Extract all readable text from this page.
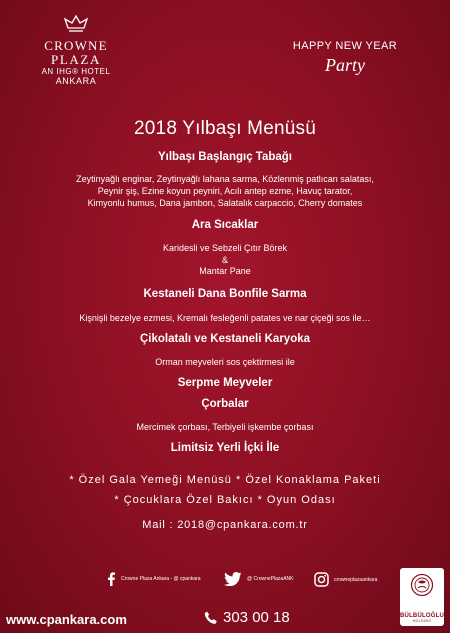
CROWNE
PLAZA
AN IHG® HOTEL
ANKARA
HAPPY NEW YEAR
Party
2018 Yılbaşı Menüsü
Yılbaşı Başlangıç Tabağı
Zeytinyağlı enginar, Zeytinyağlı lahana sarma, Közlenmiş patlıcan salatası,
Peynir şiş, Ezine koyun peyniri, Acılı antep ezme, Havuç tarator,
Kimyonlu humus, Dana jambon, Salatalık carpaccio, Cherry domates
Ara Sıcaklar
Karidesli ve Sebzeli Çıtır Börek
&
Mantar Pane
Kestaneli Dana Bonfile Sarma
Kişnişli bezelye ezmesi, Kremalı fesleğenli patates ve nar çiçeği sos ile…
Çikolatalı ve Kestaneli Karyoka
Orman meyveleri sos çektirmesi ile
Serpme Meyveler
Çorbalar
Mercimek çorbası, Terbiyeli işkembe çorbası
Limitsiz Yerli İçki İle
* Özel Gala Yemeği Menüsü * Özel Konaklama Paketi
* Çocuklara Özel Bakıcı * Oyun Odası
Mail : 2018@cpankara.com.tr
Crowne Plaza Ankara - @ cpankara	@ CrownePlazaANK	crowneplazaankara
www.cpankara.com	303 00 18	BÜLBÜLOĞLU
HOLDİNG
